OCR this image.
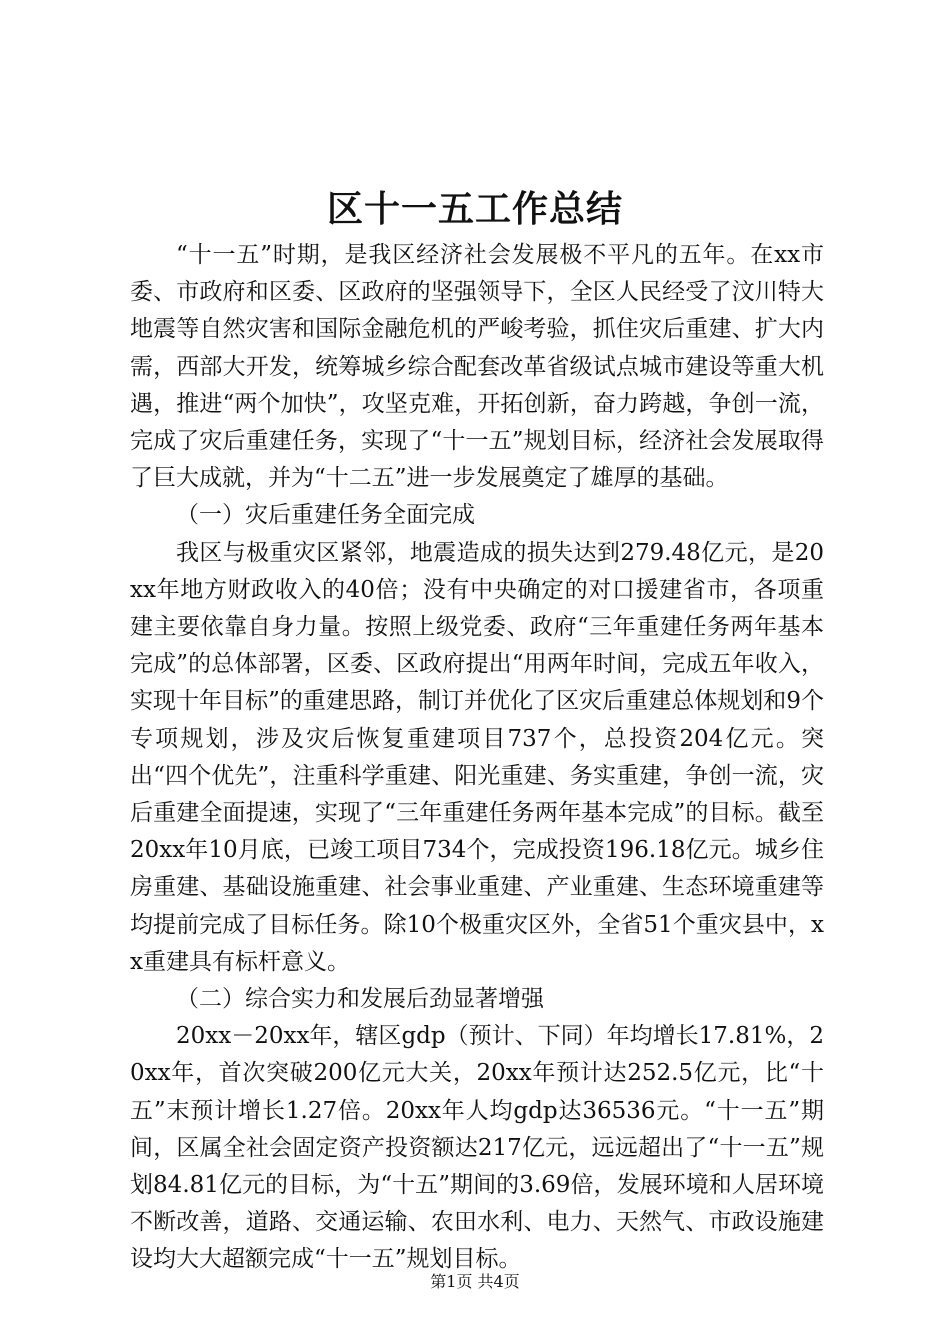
区十一五工作总结

“十一五”时期，是我区经济社会发展极不平凡的五年。在xx市委、市政府和区委、区政府的坚强领导下，全区人民经受了汶川特大地震等自然灾害和国际金融危机的严峻考验，抓住灾后重建、扩大内需，西部大开发，统筹城乡综合配套改革省级试点城市建设等重大机遇，推进“两个加快”，攻坚克难，开拓创新，奋力跨越，争创一流，完成了灾后重建任务，实现了“十一五”规划目标，经济社会发展取得了巨大成就，并为“十二五”进一步发展奠定了雄厚的基础。

（一）灾后重建任务全面完成

我区与极重灾区紧邻，地震造成的损失达到279.48亿元，是20xx年地方财政收入的40倍；没有中央确定的对口援建省市，各项重建主要依靠自身力量。按照上级党委、政府“三年重建任务两年基本完成”的总体部署，区委、区政府提出“用两年时间，完成五年收入，实现十年目标”的重建思路，制订并优化了区灾后重建总体规划和9个专项规划，涉及灾后恢复重建项目737个，总投资204亿元。突出“四个优先”，注重科学重建、阳光重建、务实重建，争创一流，灾后重建全面提速，实现了“三年重建任务两年基本完成”的目标。截至20xx年10月底，已竣工项目734个，完成投资196.18亿元。城乡住房重建、基础设施重建、社会事业重建、产业重建、生态环境重建等均提前完成了目标任务。除10个极重灾区外，全省51个重灾县中，xx重建具有标杆意义。

（二）综合实力和发展后劲显著增强

20xx－20xx年，辖区gdp（预计、下同）年均增长17.81%，20xx年，首次突破200亿元大关，20xx年预计达252.5亿元，比“十五”末预计增长1.27倍。20xx年人均gdp达36536元。“十一五”期间，区属全社会固定资产投资额达217亿元，远远超出了“十一五”规划84.81亿元的目标，为“十五”期间的3.69倍，发展环境和人居环境不断改善，道路、交通运输、农田水利、电力、天然气、市政设施建设均大大超额完成“十一五”规划目标。

第1页 共4页
